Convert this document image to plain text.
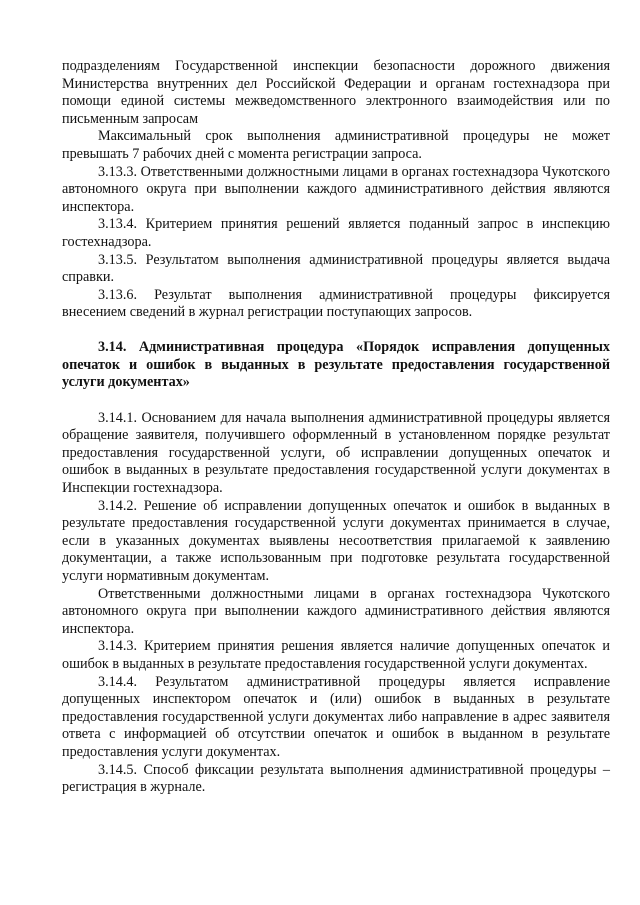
подразделениям Государственной инспекции безопасности дорожного движения Министерства внутренних дел Российской Федерации и органам гостехнадзора при помощи единой системы межведомственного электронного взаимодействия или по письменным запросам

Максимальный срок выполнения административной процедуры не может превышать 7 рабочих дней с момента регистрации запроса.

3.13.3. Ответственными должностными лицами в органах гостехнадзора Чукотского автономного округа при выполнении каждого административного действия являются инспектора.

3.13.4. Критерием принятия решений является поданный запрос в инспекцию гостехнадзора.

3.13.5. Результатом выполнения административной процедуры является выдача справки.

3.13.6. Результат выполнения административной процедуры фиксируется внесением сведений в журнал регистрации поступающих запросов.

3.14. Административная процедура «Порядок исправления допущенных опечаток и ошибок в выданных в результате предоставления государственной услуги документах»

3.14.1. Основанием для начала выполнения административной процедуры является обращение заявителя, получившего оформленный в установленном порядке результат предоставления государственной услуги, об исправлении допущенных опечаток и ошибок в выданных в результате предоставления государственной услуги документах в Инспекции гостехнадзора.

3.14.2. Решение об исправлении допущенных опечаток и ошибок в выданных в результате предоставления государственной услуги документах принимается в случае, если в указанных документах выявлены несоответствия прилагаемой к заявлению документации, а также использованным при подготовке результата государственной услуги нормативным документам.

Ответственными должностными лицами в органах гостехнадзора Чукотского автономного округа при выполнении каждого административного действия являются инспектора.

3.14.3. Критерием принятия решения является наличие допущенных опечаток и ошибок в выданных в результате предоставления государственной услуги документах.

3.14.4. Результатом административной процедуры является исправление допущенных инспектором опечаток и (или) ошибок в выданных в результате предоставления государственной услуги документах либо направление в адрес заявителя ответа с информацией об отсутствии опечаток и ошибок в выданном в результате предоставления услуги документах.

3.14.5. Способ фиксации результата выполнения административной процедуры – регистрация в журнале.
